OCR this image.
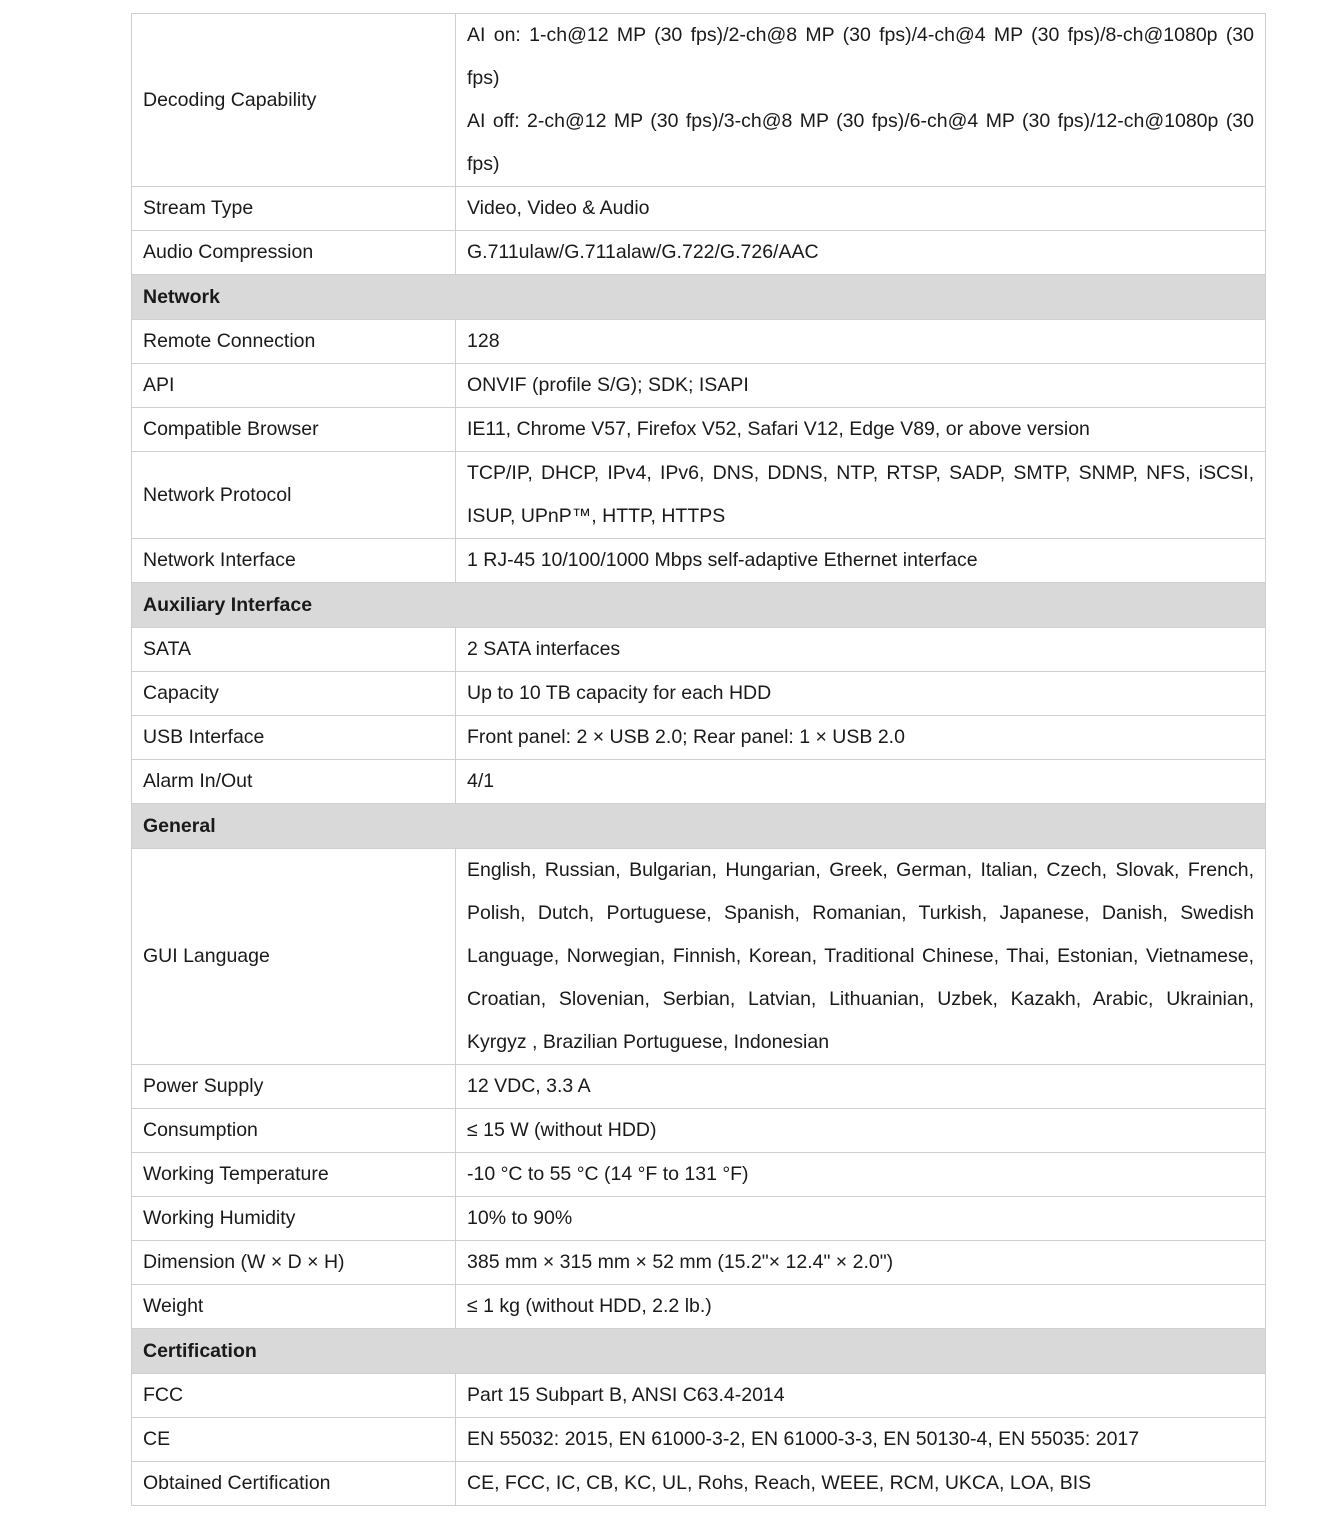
Decoding Capability	AI on: 1-ch@12 MP (30 fps)/2-ch@8 MP (30 fps)/4-ch@4 MP (30 fps)/8-ch@1080p (30 fps)
AI off: 2-ch@12 MP (30 fps)/3-ch@8 MP (30 fps)/6-ch@4 MP (30 fps)/12-ch@1080p (30 fps)

Stream Type	Video, Video & Audio

Audio Compression	G.711ulaw/G.711alaw/G.722/G.726/AAC

Network	
Remote Connection	128

API	ONVIF (profile S/G); SDK; ISAPI

Compatible Browser	IE11, Chrome V57, Firefox V52, Safari V12, Edge V89, or above version

Network Protocol	TCP/IP, DHCP, IPv4, IPv6, DNS, DDNS, NTP, RTSP, SADP, SMTP, SNMP, NFS, iSCSI, ISUP, UPnP™, HTTP, HTTPS

Network Interface	1 RJ-45 10/100/1000 Mbps self-adaptive Ethernet interface

Auxiliary Interface	
SATA	2 SATA interfaces

Capacity	Up to 10 TB capacity for each HDD

USB Interface	Front panel: 2 × USB 2.0; Rear panel: 1 × USB 2.0

Alarm In/Out	4/1

General	
GUI Language	English, Russian, Bulgarian, Hungarian, Greek, German, Italian, Czech, Slovak, French, Polish, Dutch, Portuguese, Spanish, Romanian, Turkish, Japanese, Danish, Swedish Language, Norwegian, Finnish, Korean, Traditional Chinese, Thai, Estonian, Vietnamese, Croatian, Slovenian, Serbian, Latvian, Lithuanian, Uzbek, Kazakh, Arabic, Ukrainian, Kyrgyz , Brazilian Portuguese, Indonesian

Power Supply	12 VDC, 3.3 A

Consumption	≤ 15 W (without HDD)

Working Temperature	-10 °C to 55 °C (14 °F to 131 °F)

Working Humidity	10% to 90%

Dimension (W × D × H)	385 mm × 315 mm × 52 mm (15.2"× 12.4" × 2.0")

Weight	≤ 1 kg (without HDD, 2.2 lb.)

Certification	
FCC	Part 15 Subpart B, ANSI C63.4-2014

CE	EN 55032: 2015, EN 61000-3-2, EN 61000-3-3, EN 50130-4, EN 55035: 2017

Obtained Certification	CE, FCC, IC, CB, KC, UL, Rohs, Reach, WEEE, RCM, UKCA, LOA, BIS
